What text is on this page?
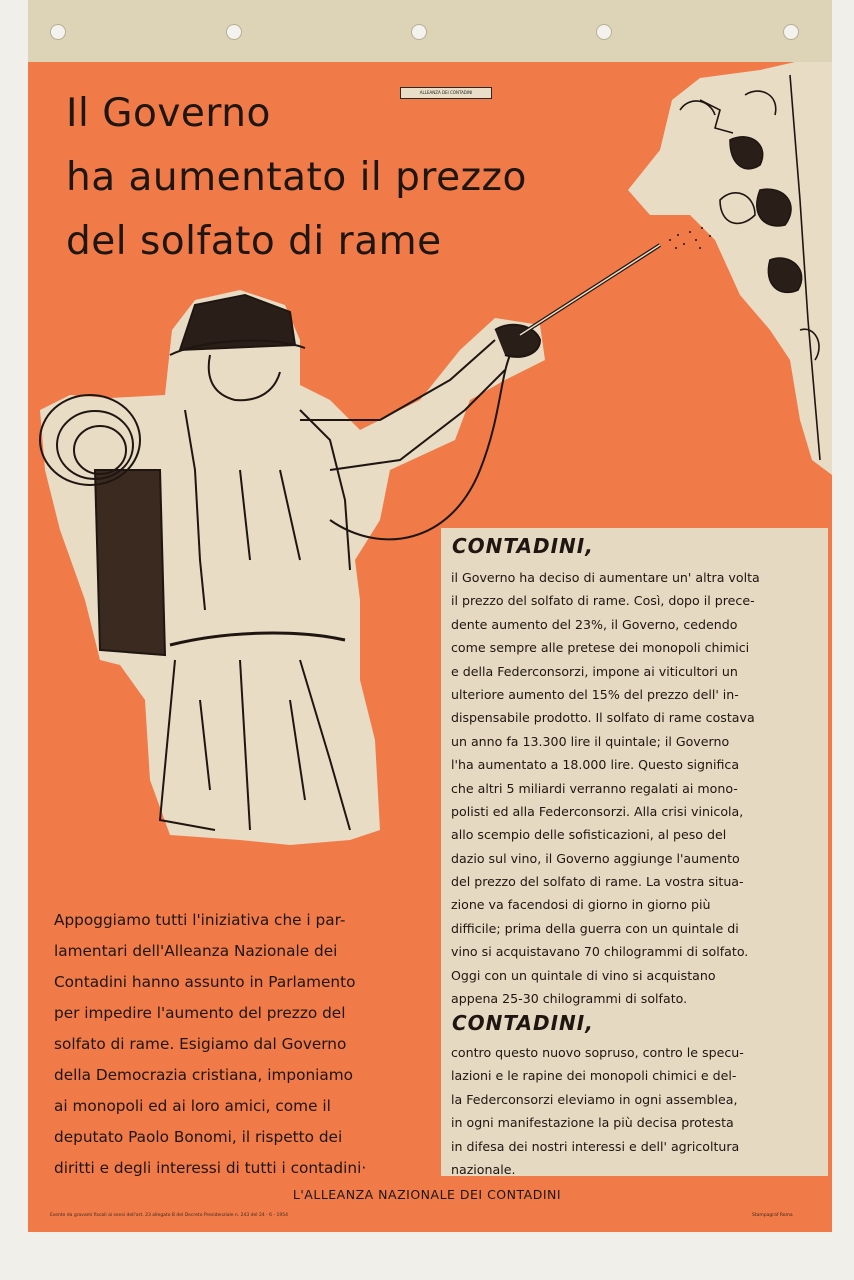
Il Governo
ha aumentato il prezzo
del solfato di rame
ALLEANZA DEI CONTADINI
CONTADINI,

il Governo ha deciso di aumentare un' altra volta
il prezzo del solfato di rame. Così, dopo il prece-
dente aumento del 23%, il Governo, cedendo
come sempre alle pretese dei monopoli chimici
e della Federconsorzi, impone ai viticultori un
ulteriore aumento del 15% del prezzo dell' in-
dispensabile prodotto. Il solfato di rame costava
un anno fa 13.300 lire il quintale; il Governo
l'ha aumentato a 18.000 lire. Questo significa
che altri 5 miliardi verranno regalati ai mono-
polisti ed alla Federconsorzi. Alla crisi vinicola,
allo scempio delle sofisticazioni, al peso del
dazio sul vino, il Governo aggiunge l'aumento
del prezzo del solfato di rame. La vostra situa-
zione va facendosi di giorno in giorno più
difficile; prima della guerra con un quintale di
vino si acquistavano 70 chilogrammi di solfato.
Oggi con un quintale di vino si acquistano
appena 25-30 chilogrammi di solfato.

CONTADINI,

contro questo nuovo sopruso, contro le specu-
lazioni e le rapine dei monopoli chimici e del-
la Federconsorzi eleviamo in ogni assemblea,
in ogni manifestazione la più decisa protesta
in difesa dei nostri interessi e dell' agricoltura
nazionale.

Appoggiamo tutti l'iniziativa che i par-
lamentari dell'Alleanza Nazionale dei
Contadini hanno assunto in Parlamento
per impedire l'aumento del prezzo del
solfato di rame. Esigiamo dal Governo
della Democrazia cristiana, imponiamo
ai monopoli ed ai loro amici, come il
deputato Paolo Bonomi, il rispetto dei
diritti e degli interessi di tutti i contadini·

L'ALLEANZA NAZIONALE DEI CONTADINI
Esente da gravami fiscali ai sensi dell'art. 23 allegato B del Decreto Presidenziale n. 243 del 24 - 6 - 1954	Stampagraf Roma
